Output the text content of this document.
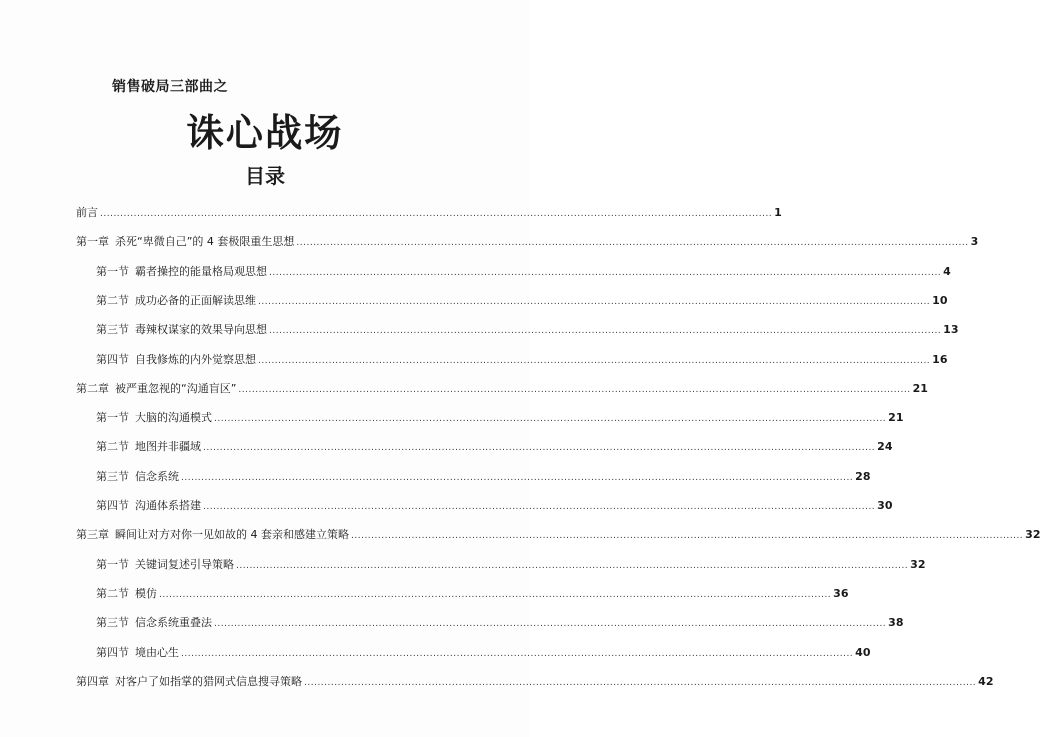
销售破局三部曲之
诛心战场
目录
前言 ........................................................................................................................................................................................................ 1
第一章 杀死“卑微自己”的 4 套极限重生思想 ........................................................................................................................................................................................................ 3
第一节 霸者操控的能量格局观思想 ........................................................................................................................................................................................................ 4
第二节 成功必备的正面解读思维 ........................................................................................................................................................................................................ 10
第三节 毒辣权谋家的效果导向思想 ........................................................................................................................................................................................................ 13
第四节 自我修炼的内外觉察思想 ........................................................................................................................................................................................................ 16
第二章 被严重忽视的“沟通盲区” ........................................................................................................................................................................................................ 21
第一节 大脑的沟通模式 ........................................................................................................................................................................................................ 21
第二节 地图并非疆域 ........................................................................................................................................................................................................ 24
第三节 信念系统 ........................................................................................................................................................................................................ 28
第四节 沟通体系搭建 ........................................................................................................................................................................................................ 30
第三章 瞬间让对方对你一见如故的 4 套亲和感建立策略 ........................................................................................................................................................................................................ 32
第一节 关键词复述引导策略 ........................................................................................................................................................................................................ 32
第二节 模仿 ........................................................................................................................................................................................................ 36
第三节 信念系统重叠法 ........................................................................................................................................................................................................ 38
第四节 境由心生 ........................................................................................................................................................................................................ 40
第四章 对客户了如指掌的猎网式信息搜寻策略 ........................................................................................................................................................................................................ 42
